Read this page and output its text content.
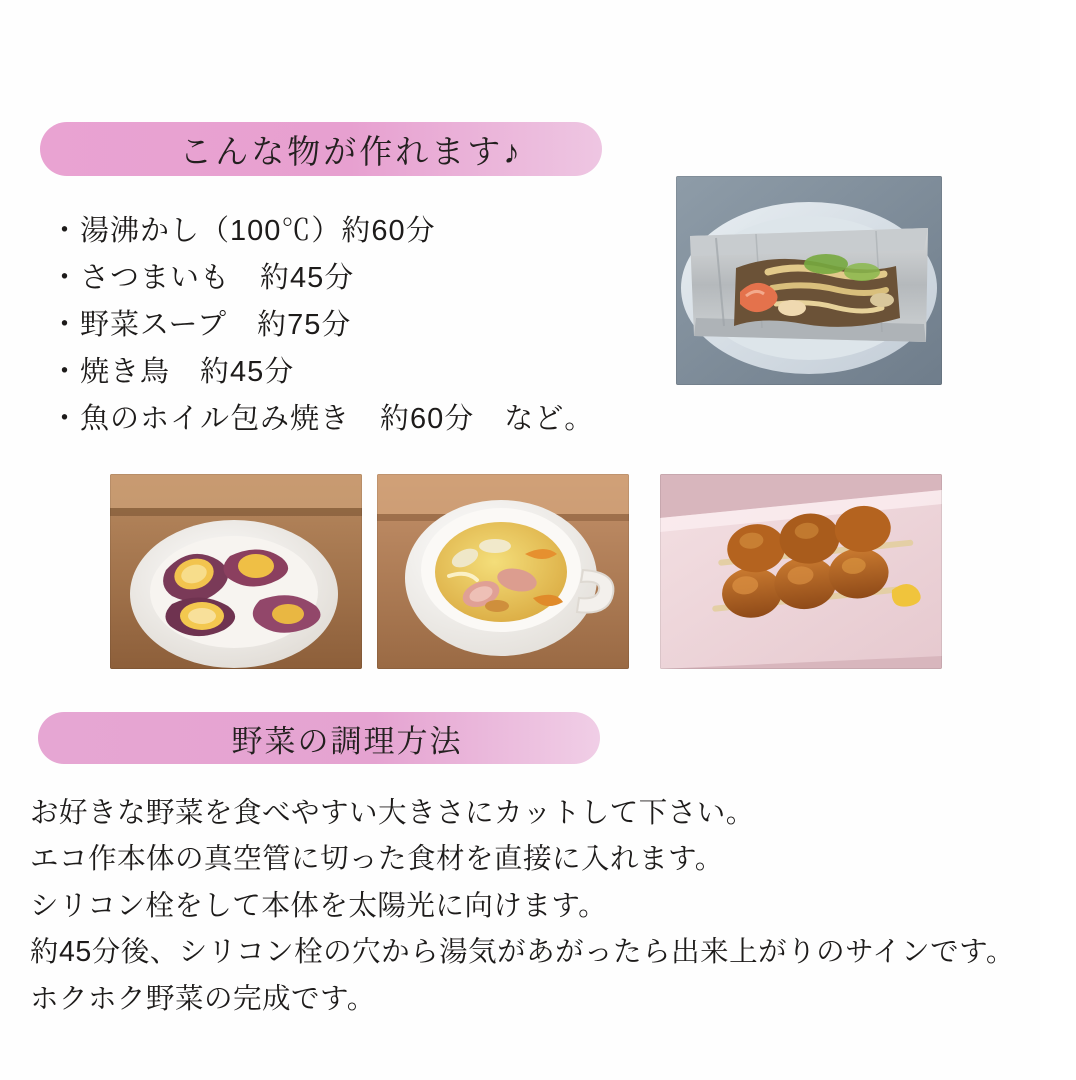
こんな物が作れます♪
・湯沸かし（100℃）約60分
・さつまいも　約45分
・野菜スープ　約75分
・焼き鳥　約45分
・魚のホイル包み焼き　約60分　など。
野菜の調理方法
お好きな野菜を食べやすい大きさにカットして下さい。
エコ作本体の真空管に切った食材を直接に入れます。
シリコン栓をして本体を太陽光に向けます。
約45分後、シリコン栓の穴から湯気があがったら出来上がりのサインです。
ホクホク野菜の完成です。
